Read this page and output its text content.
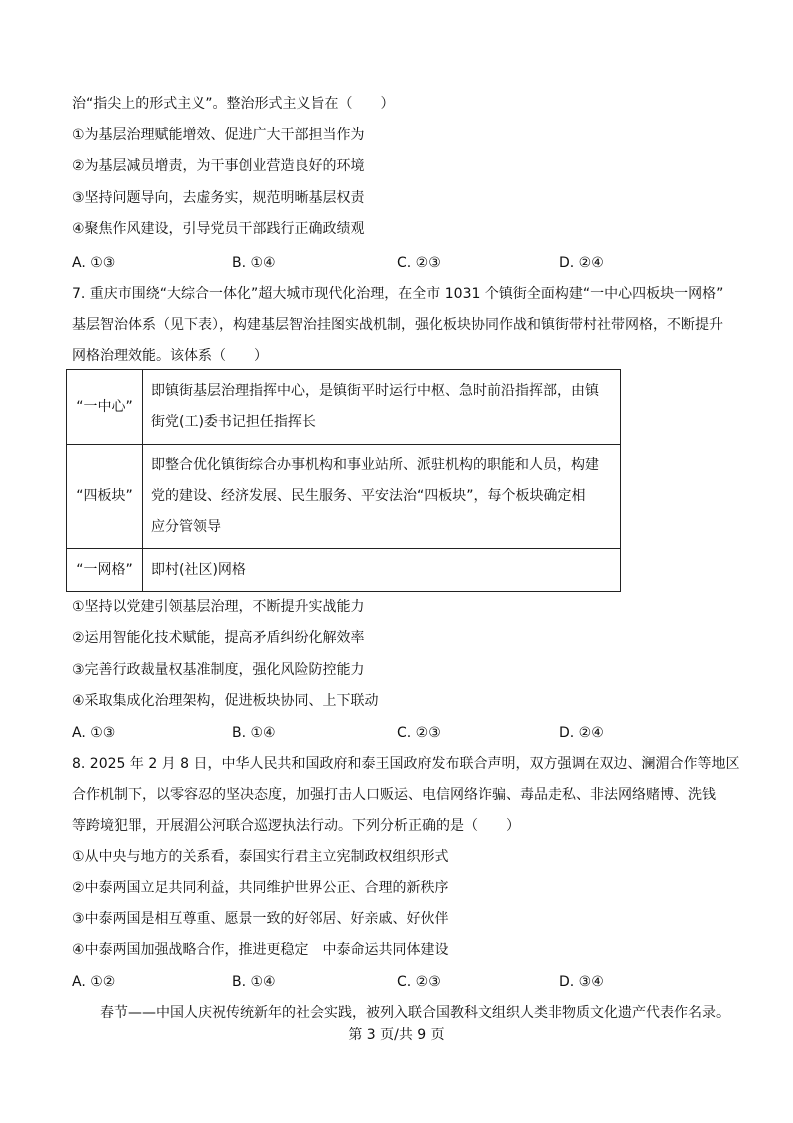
治“指尖上的形式主义”。整治形式主义旨在（　　）
①为基层治理赋能增效、促进广大干部担当作为
②为基层减员增责，为干事创业营造良好的环境
③坚持问题导向，去虚务实，规范明晰基层权责
④聚焦作风建设，引导党员干部践行正确政绩观
A. ①③	B. ①④	C. ②③	D. ②④
7. 重庆市围绕“大综合一体化”超大城市现代化治理，在全市 1031 个镇街全面构建“一中心四板块一网格”
基层智治体系（见下表），构建基层智治挂图实战机制，强化板块协同作战和镇街带村社带网格，不断提升
网格治理效能。该体系（　　）
“一中心”	即镇街基层治理指挥中心，是镇街平时运行中枢、急时前沿指挥部，由镇
街党(工)委书记担任指挥长

“四板块”	即整合优化镇街综合办事机构和事业站所、派驻机构的职能和人员，构建
党的建设、经济发展、民生服务、平安法治“四板块”，每个板块确定相
应分管领导

“一网格”	即村(社区)网格
①坚持以党建引领基层治理，不断提升实战能力
②运用智能化技术赋能，提高矛盾纠纷化解效率
③完善行政裁量权基准制度，强化风险防控能力
④采取集成化治理架构，促进板块协同、上下联动
A. ①③	B. ①④	C. ②③	D. ②④
8. 2025 年 2 月 8 日，中华人民共和国政府和泰王国政府发布联合声明，双方强调在双边、澜湄合作等地区
合作机制下，以零容忍的坚决态度，加强打击人口贩运、电信网络诈骗、毒品走私、非法网络赌博、洗钱
等跨境犯罪，开展湄公河联合巡逻执法行动。下列分析正确的是（　　）
①从中央与地方的关系看，泰国实行君主立宪制政权组织形式
②中泰两国立足共同利益，共同维护世界公正、合理的新秩序
③中泰两国是相互尊重、愿景一致的好邻居、好亲戚、好伙伴
④中泰两国加强战略合作，推进更稳定　中泰命运共同体建设
A. ①②	B. ①④	C. ②③	D. ③④
春节——中国人庆祝传统新年的社会实践，被列入联合国教科文组织人类非物质文化遗产代表作名录。
第 3 页/共 9 页
